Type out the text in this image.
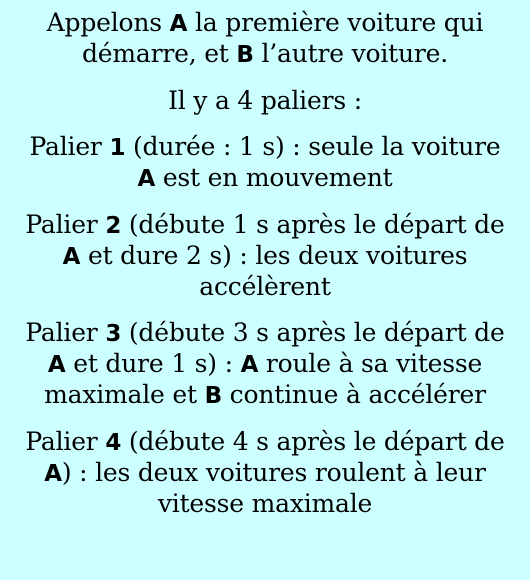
Appelons A la première voiture qui démarre, et B l’autre voiture.

Il y a 4 paliers :

Palier 1 (durée : 1 s) : seule la voiture A est en mouvement

Palier 2 (débute 1 s après le départ de A et dure 2 s) : les deux voitures accélèrent

Palier 3 (débute 3 s après le départ de A et dure 1 s) : A roule à sa vitesse maximale et B continue à accélérer

Palier 4 (débute 4 s après le départ de A) : les deux voitures roulent à leur vitesse maximale
